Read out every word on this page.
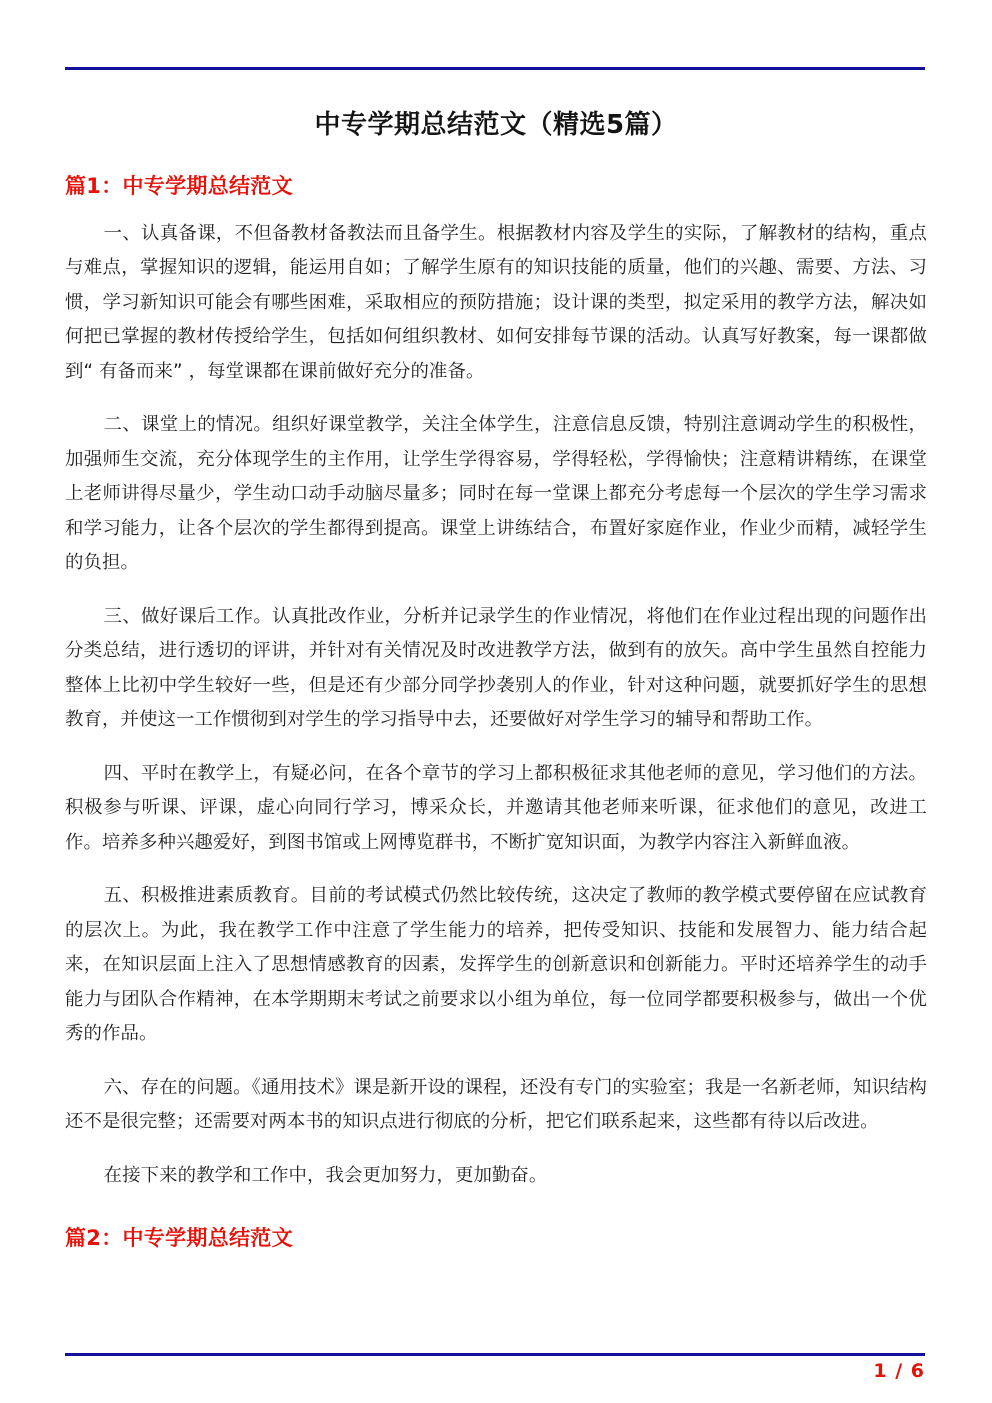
中专学期总结范文（精选5篇）
篇1：中专学期总结范文

一、认真备课，不但备教材备教法而且备学生。根据教材内容及学生的实际，了解教材的结构，重点与难点，掌握知识的逻辑，能运用自如；了解学生原有的知识技能的质量，他们的兴趣、需要、方法、习惯，学习新知识可能会有哪些困难，采取相应的预防措施；设计课的类型，拟定采用的教学方法，解决如何把已掌握的教材传授给学生，包括如何组织教材、如何安排每节课的活动。认真写好教案，每一课都做到“ 有备而来” ，每堂课都在课前做好充分的准备。

二、课堂上的情况。组织好课堂教学，关注全体学生，注意信息反馈，特别注意调动学生的积极性，加强师生交流，充分体现学生的主作用，让学生学得容易，学得轻松，学得愉快；注意精讲精练，在课堂上老师讲得尽量少，学生动口动手动脑尽量多；同时在每一堂课上都充分考虑每一个层次的学生学习需求和学习能力，让各个层次的学生都得到提高。课堂上讲练结合，布置好家庭作业，作业少而精，减轻学生的负担。

三、做好课后工作。认真批改作业，分析并记录学生的作业情况，将他们在作业过程出现的问题作出分类总结，进行透切的评讲，并针对有关情况及时改进教学方法，做到有的放矢。高中学生虽然自控能力整体上比初中学生较好一些，但是还有少部分同学抄袭别人的作业，针对这种问题，就要抓好学生的思想教育，并使这一工作惯彻到对学生的学习指导中去，还要做好对学生学习的辅导和帮助工作。

四、平时在教学上，有疑必问，在各个章节的学习上都积极征求其他老师的意见，学习他们的方法。积极参与听课、评课，虚心向同行学习，博采众长，并邀请其他老师来听课，征求他们的意见，改进工作。培养多种兴趣爱好，到图书馆或上网博览群书，不断扩宽知识面，为教学内容注入新鲜血液。

五、积极推进素质教育。目前的考试模式仍然比较传统，这决定了教师的教学模式要停留在应试教育的层次上。为此，我在教学工作中注意了学生能力的培养，把传受知识、技能和发展智力、能力结合起来，在知识层面上注入了思想情感教育的因素，发挥学生的创新意识和创新能力。平时还培养学生的动手能力与团队合作精神，在本学期期末考试之前要求以小组为单位，每一位同学都要积极参与，做出一个优秀的作品。

六、存在的问题。《通用技术》课是新开设的课程，还没有专门的实验室；我是一名新老师，知识结构还不是很完整；还需要对两本书的知识点进行彻底的分析，把它们联系起来，这些都有待以后改进。

在接下来的教学和工作中，我会更加努力，更加勤奋。

篇2：中专学期总结范文
1 / 6
